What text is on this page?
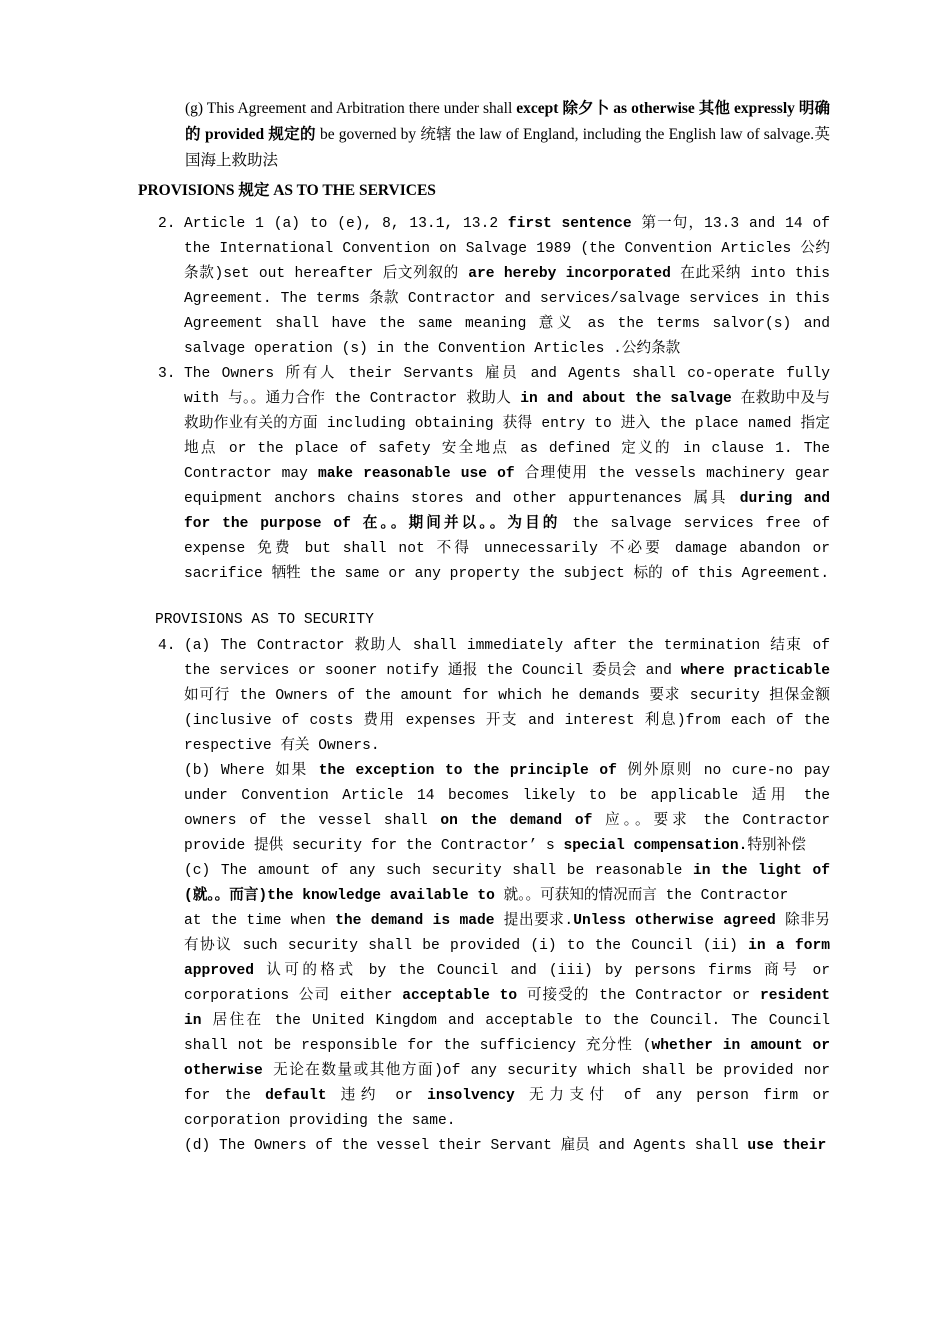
(g) This Agreement and Arbitration there under shall except 除夕卜 as otherwise 其他 expressly 明确的 provided 规定的 be governed by 统辖 the law of England, including the English law of salvage.英国海上救助法
PROVISIONS 规定 AS TO THE SERVICES
2. Article 1 (a) to (e), 8, 13.1, 13.2 first sentence 第一句，13.3 and 14 of the International Convention on Salvage 1989 (the Convention Articles 公约条款)set out hereafter 后文列叙的 are hereby incorporated 在此采纳 into this Agreement. The terms 条款 Contractor and services/salvage services in this Agreement shall have the same meaning 意义 as the terms salvor(s) and salvage operation (s) in the Convention Articles .公约条款
3. The Owners 所有人 their Servants 雇员 and Agents shall co-operate fully with 与。。通力合作 the Contractor 救助人 in and about the salvage 在救助中及与 救助作业有关的方面 including obtaining 获得 entry to 进入 the place named 指定地点 or the place of safety 安全地点 as defined 定义的 in clause 1. The Contractor may make reasonable use of 合理使用 the vessels machinery gear equipment anchors chains stores and other appurtenances 属具 during and for the purpose of 在。。期间并以。。为目的 the salvage services free of expense 免费 but shall not 不得 unnecessarily 不必要 damage abandon or sacrifice 牺牲 the same or any property the subject 标的 of this Agreement.
PROVISIONS AS TO SECURITY
4. (a) The Contractor 救助人 shall immediately after the termination 结束 of the services or sooner notify 通报 the Council 委员会 and where practicable 如可行 the Owners of the amount for which he demands 要求 security 担保金额 (inclusive of costs 费用 expenses 开支 and interest 利息)from each of the respective 有关 Owners.

(b) Where 如果 the exception to the principle of 例外原则 no cure-no pay under Convention Article 14 becomes likely to be applicable 适用 the owners of the vessel shall on the demand of 应。。要求 the Contractor provide 提供 security for the Contractor’ s special compensation.特别补偿

(c) The amount of any such security shall be reasonable in the light of (就。。而言)the knowledge available to 就。。可获知的情况而言 the Contractor

at the time when the demand is made 提出要求.Unless otherwise agreed 除非另有协议 such security shall be provided (i) to the Council (ii) in a form approved 认可的格式 by the Council and (iii) by persons firms 商号 or corporations 公司 either acceptable to 可接受的 the Contractor or resident in 居住在 the United Kingdom and acceptable to the Council. The Council shall not be responsible for the sufficiency 充分性 (whether in amount or otherwise 无论在数量或其他方面)of any security which shall be provided nor for the default 违约 or insolvency 无力支付 of any person firm or corporation providing the same.

(d) The Owners of the vessel their Servant 雇员 and Agents shall use their
